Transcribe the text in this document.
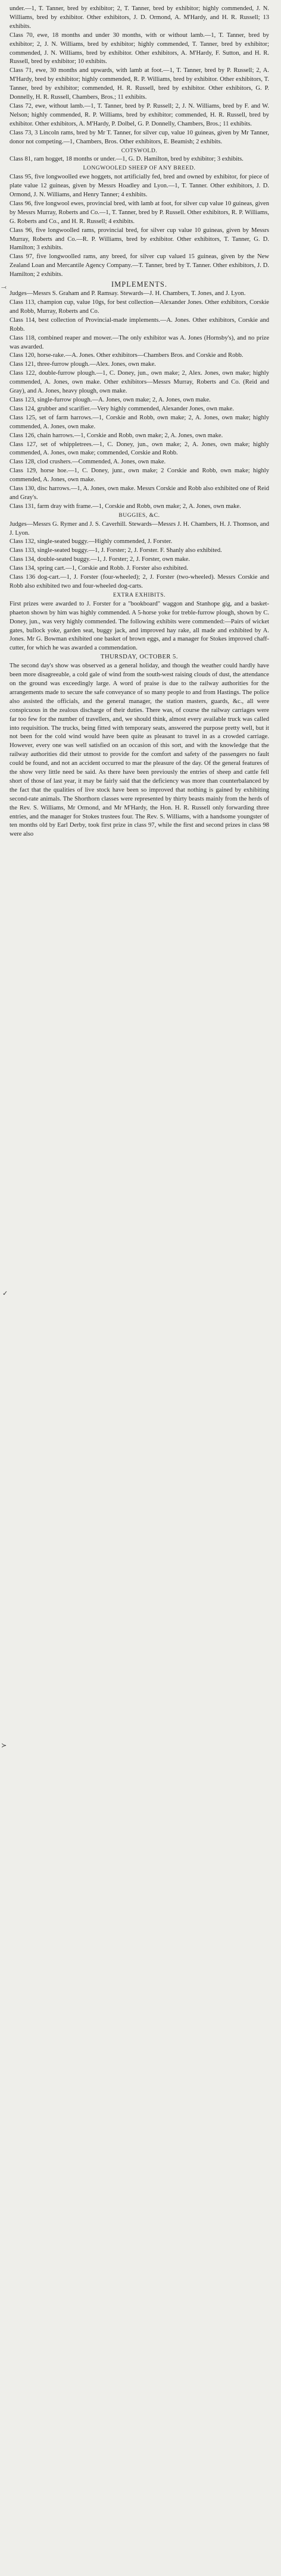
under.—1, T. Tanner, bred by exhibitor; 2, T. Tanner, bred by exhibitor; highly commended, J. N. Williams, bred by exhibitor. Other exhibitors, J. D. Ormond, A. M'Hardy, and H. R. Russell; 13 exhibits.

Class 70, ewe, 18 months and under 30 months, with or without lamb.—1, T. Tanner, bred by exhibitor; 2, J. N. Williams, bred by exhibitor; highly commended, T. Tanner, bred by exhibitor; commended, J. N. Williams, bred by exhibitor. Other exhibitors, A. M'Hardy, F. Sutton, and H. R. Russell, bred by exhibitor; 10 exhibits.

Class 71, ewe, 30 months and upwards, with lamb at foot.—1, T. Tanner, bred by P. Russell; 2, A. M'Hardy, bred by exhibitor; highly commended, R. P. Williams, bred by exhibitor. Other exhibitors, T. Tanner, bred by exhibitor; commended, H. R. Russell, bred by exhibitor. Other exhibitors, G. P. Donnelly, H. R. Russell, Chambers, Bros.; 11 exhibits.

Class 72, ewe, without lamb.—1, T. Tanner, bred by P. Russell; 2, J. N. Williams, bred by F. and W. Nelson; highly commended, R. P. Williams, bred by exhibitor; commended, H. R. Russell, bred by exhibitor. Other exhibitors, A. M'Hardy, P. Dolbel, G. P. Donnelly, Chambers, Bros.; 11 exhibits.

Class 73, 3 Lincoln rams, bred by Mr T. Tanner, for silver cup, value 10 guineas, given by Mr Tanner, donor not competing.—1, Chambers, Bros. Other exhibitors, E. Beamish; 2 exhibits.

COTSWOLD.

Class 81, ram hogget, 18 months or under.—1, G. D. Hamilton, bred by exhibitor; 3 exhibits.

LONGWOOLED SHEEP OF ANY BREED.

Class 95, five longwoolled ewe hoggets, not artificially fed, bred and owned by exhibitor, for piece of plate value 12 guineas, given by Messrs Hoadley and Lyon.—1, T. Tanner. Other exhibitors, J. D. Ormond, J. N. Williams, and Henry Tanner; 4 exhibits.

Class 96, five longwool ewes, provincial bred, with lamb at foot, for silver cup value 10 guineas, given by Messrs Murray, Roberts and Co.—1, T. Tanner, bred by P. Russell. Other exhibitors, R. P. Williams, G. Roberts and Co., and H. R. Russell; 4 exhibits.

Class 96, five longwoolled rams, provincial bred, for silver cup value 10 guineas, given by Messrs Murray, Roberts and Co.—R. P. Williams, bred by exhibitor. Other exhibitors, T. Tanner, G. D. Hamilton; 3 exhibits.

Class 97, five longwoolled rams, any breed, for silver cup valued 15 guineas, given by the New Zealand Loan and Mercantile Agency Company.—T. Tanner, bred by T. Tanner. Other exhibitors, J. D. Hamilton; 2 exhibits.

IMPLEMENTS.

Judges—Messrs S. Graham and P. Ramsay. Stewards—J. H. Chambers, T. Jones, and J. Lyon.

Class 113, champion cup, value 10gs, for best collection—Alexander Jones. Other exhibitors, Corskie and Robb, Murray, Roberts and Co.

Class 114, best collection of Provincial-made implements.—A. Jones. Other exhibitors, Corskie and Robb.

Class 118, combined reaper and mower.—The only exhibitor was A. Jones (Hornsby's), and no prize was awarded.

Class 120, horse-rake.—A. Jones. Other exhibitors—Chambers Bros. and Corskie and Robb.

Class 121, three-furrow plough.—Alex. Jones, own make.

Class 122, double-furrow plough.—1, C. Doney, jun., own make; 2, Alex. Jones, own make; highly commended, A. Jones, own make. Other exhibitors—Messrs Murray, Roberts and Co. (Reid and Gray), and A. Jones, heavy plough, own make.

Class 123, single-furrow plough.—A. Jones, own make; 2, A. Jones, own make.

Class 124, grubber and scarifier.—Very highly commended, Alexander Jones, own make.

Class 125, set of farm harrows.—1, Corskie and Robb, own make; 2, A. Jones, own make; highly commended, A. Jones, own make.

Class 126, chain harrows.—1, Corskie and Robb, own make; 2, A. Jones, own make.

Class 127, set of whippletrees.—1, C. Doney, jun., own make; 2, A. Jones, own make; highly commended, A. Jones, own make; commended, Corskie and Robb.

Class 128, clod crushers.—Commended, A. Jones, own make.

Class 129, horse hoe.—1, C. Doney, junr., own make; 2 Corskie and Robb, own make; highly commended, A. Jones, own make.

Class 130, disc harrows.—1, A. Jones, own make. Messrs Corskie and Robb also exhibited one of Reid and Gray's.

Class 131, farm dray with frame.—1, Corskie and Robb, own make; 2, A. Jones, own make.

BUGGIES, &C.

Judges—Messrs G. Rymer and J. S. Caverhill. Stewards—Messrs J. H. Chambers, H. J. Thomson, and J. Lyon.

Class 132, single-seated buggy.—Highly commended, J. Forster.

Class 133, single-seated buggy.—1, J. Forster; 2, J. Forster. F. Shanly also exhibited.

Class 134, double-seated buggy.—1, J. Forster; 2, J. Forster, own make.

Class 134, spring cart.—1, Corskie and Robb. J. Forster also exhibited.

Class 136 dog-cart.—1, J. Forster (four-wheeled); 2, J. Forster (two-wheeled). Messrs Corskie and Robb also exhibited two and four-wheeled dog-carts.

EXTRA EXHIBITS.

First prizes were awarded to J. Forster for a "bookboard" waggon and Stanhope gig, and a basket-phaeton shown by him was highly commended. A 5-horse yoke for treble-furrow plough, shown by C. Doney, jun., was very highly commended. The following exhibits were commended:—Pairs of wicket gates, bullock yoke, garden seat, buggy jack, and improved hay rake, all made and exhibited by A. Jones. Mr G. Bowman exhibited one basket of brown eggs, and a manager for Stokes improved chaff-cutter, for which he was awarded a commendation.

THURSDAY, OCTOBER 5.

The second day's show was observed as a general holiday, and though the weather could hardly have been more disagreeable, a cold gale of wind from the south-west raising clouds of dust, the attendance on the ground was exceedingly large. A word of praise is due to the railway authorities for the arrangements made to secure the safe conveyance of so many people to and from Hastings. The police also assisted the officials, and the general manager, the station masters, guards, &c., all were conspicuous in the zealous discharge of their duties. There was, of course the railway carriages were far too few for the number of travellers, and, we should think, almost every available truck was called into requisition. The trucks, being fitted with temporary seats, answered the purpose pretty well, but it not been for the cold wind would have been quite as pleasant to travel in as a crowded carriage. However, every one was well satisfied on an occasion of this sort, and with the knowledge that the railway authorities did their utmost to provide for the comfort and safety of the passengers no fault could be found, and not an accident occurred to mar the pleasure of the day. Of the general features of the show very little need be said. As there have been previously the entries of sheep and cattle fell short of those of last year, it may be fairly said that the deficiency was more than counterbalanced by the fact that the qualities of live stock have been so improved that nothing is gained by exhibiting second-rate animals. The Shorthorn classes were represented by thirty beasts mainly from the herds of the Rev. S. Williams, Mr Ormond, and Mr M'Hardy, the Hon. H. R. Russell only forwarding three entries, and the manager for Stokes trustees four. The Rev. S. Williams, with a handsome youngster of ten months old by Earl Derby, took first prize in class 97, while the first and second prizes in class 98 were also

⤙
✓
≻
